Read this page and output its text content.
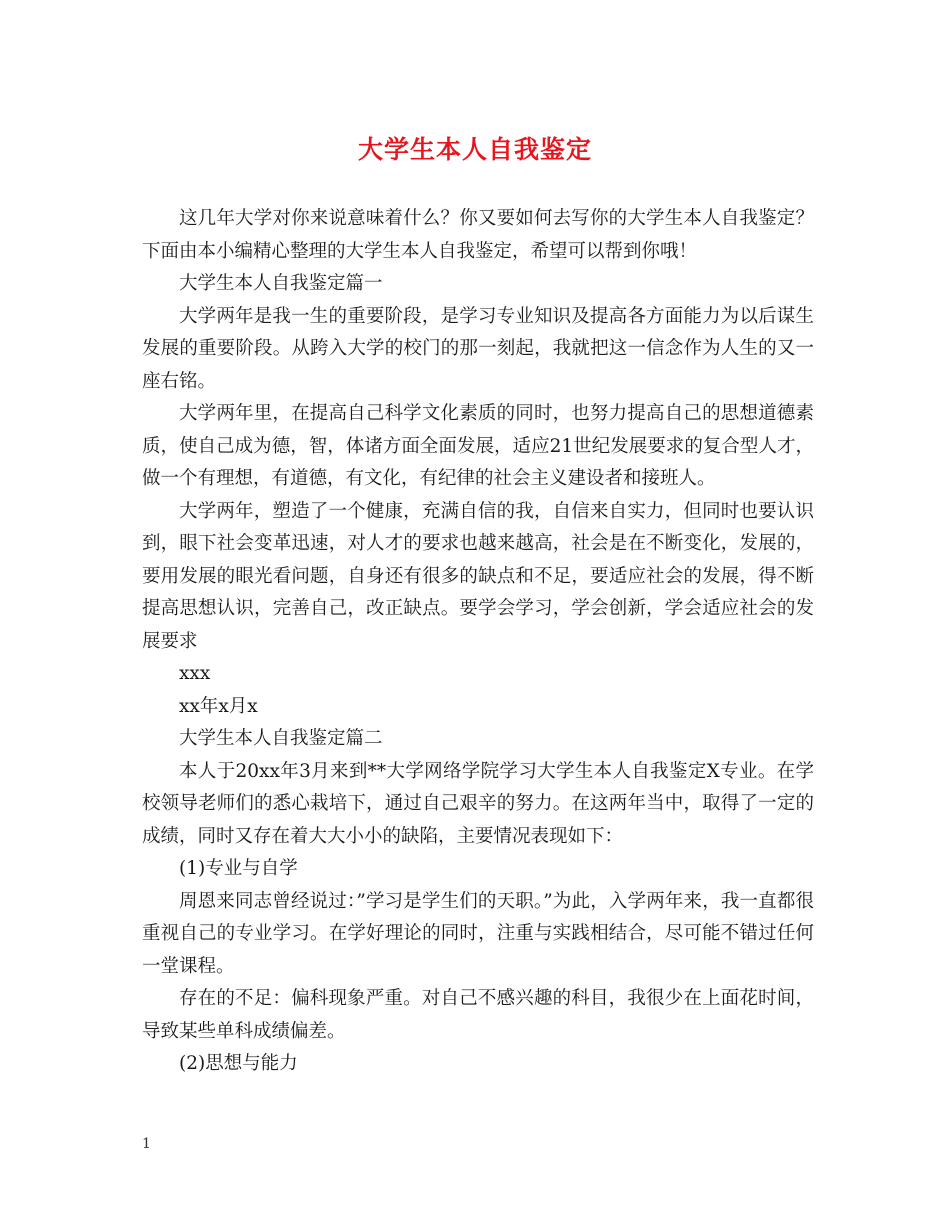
大学生本人自我鉴定

这几年大学对你来说意味着什么？你又要如何去写你的大学生本人自我鉴定？下面由本小编精心整理的大学生本人自我鉴定，希望可以帮到你哦！

大学生本人自我鉴定篇一

大学两年是我一生的重要阶段，是学习专业知识及提高各方面能力为以后谋生发展的重要阶段。从跨入大学的校门的那一刻起，我就把这一信念作为人生的又一座右铭。

大学两年里，在提高自己科学文化素质的同时，也努力提高自己的思想道德素质，使自己成为德，智，体诸方面全面发展，适应21世纪发展要求的复合型人才，做一个有理想，有道德，有文化，有纪律的社会主义建设者和接班人。

大学两年，塑造了一个健康，充满自信的我，自信来自实力，但同时也要认识到，眼下社会变革迅速，对人才的要求也越来越高，社会是在不断变化，发展的，要用发展的眼光看问题，自身还有很多的缺点和不足，要适应社会的发展，得不断提高思想认识，完善自己，改正缺点。要学会学习，学会创新，学会适应社会的发展要求

xxx

xx年x月x

大学生本人自我鉴定篇二

本人于20xx年3月来到**大学网络学院学习大学生本人自我鉴定X专业。在学校领导老师们的悉心栽培下，通过自己艰辛的努力。在这两年当中，取得了一定的成绩，同时又存在着大大小小的缺陷，主要情况表现如下：

(1)专业与自学

周恩来同志曾经说过：”学习是学生们的天职。”为此，入学两年来，我一直都很重视自己的专业学习。在学好理论的同时，注重与实践相结合，尽可能不错过任何一堂课程。

存在的不足：偏科现象严重。对自己不感兴趣的科目，我很少在上面花时间，导致某些单科成绩偏差。

(2)思想与能力

1
